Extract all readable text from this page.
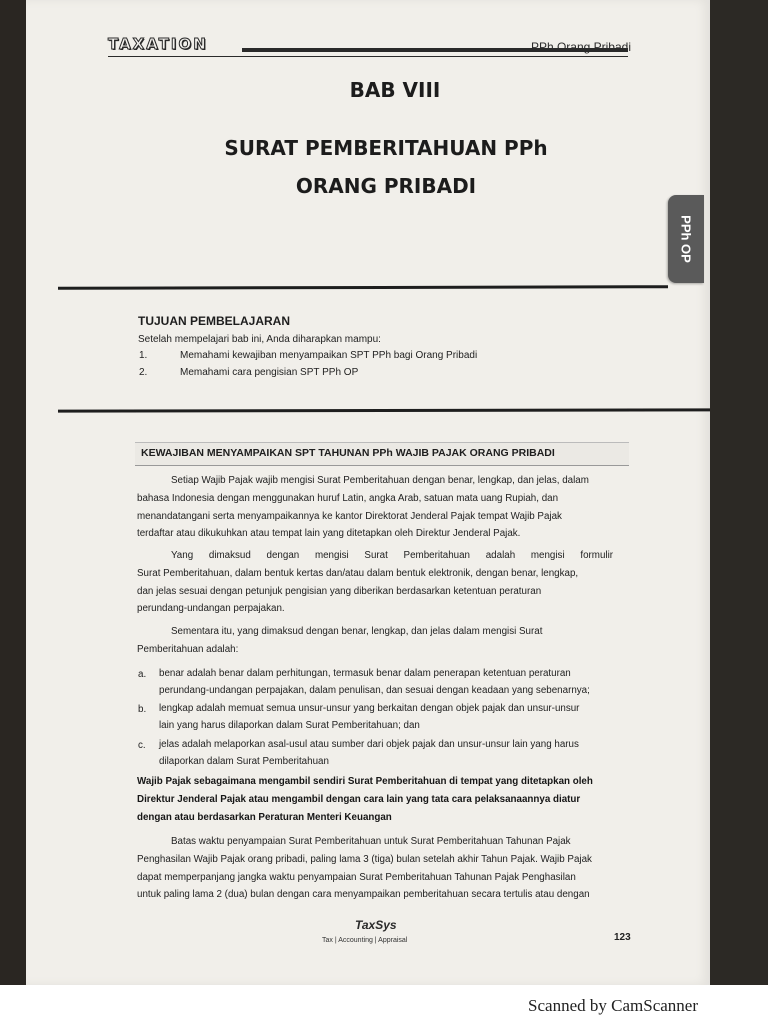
TAXATION	PPh Orang Pribadi
BAB VIII
SURAT PEMBERITAHUAN PPh
ORANG PRIBADI
PPh OP
TUJUAN PEMBELAJARAN
Setelah mempelajari bab ini, Anda diharapkan mampu:
1.	Memahami kewajiban menyampaikan SPT PPh bagi Orang Pribadi
2.	Memahami cara pengisian SPT PPh OP
KEWAJIBAN MENYAMPAIKAN SPT TAHUNAN PPh WAJIB PAJAK ORANG PRIBADI
Setiap Wajib Pajak wajib mengisi Surat Pemberitahuan dengan benar, lengkap, dan jelas, dalam
bahasa Indonesia dengan menggunakan huruf Latin, angka Arab, satuan mata uang Rupiah, dan
menandatangani serta menyampaikannya ke kantor Direktorat Jenderal Pajak tempat Wajib Pajak
terdaftar atau dikukuhkan atau tempat lain yang ditetapkan oleh Direktur Jenderal Pajak.
Yang dimaksud dengan mengisi Surat Pemberitahuan adalah mengisi formulir
Surat Pemberitahuan, dalam bentuk kertas dan/atau dalam bentuk elektronik, dengan benar, lengkap,
dan jelas sesuai dengan petunjuk pengisian yang diberikan berdasarkan ketentuan peraturan
perundang-undangan perpajakan.
Sementara itu, yang dimaksud dengan benar, lengkap, dan jelas dalam mengisi Surat
Pemberitahuan adalah:
a. benar adalah benar dalam perhitungan, termasuk benar dalam penerapan ketentuan peraturan
perundang-undangan perpajakan, dalam penulisan, dan sesuai dengan keadaan yang sebenarnya;
b. lengkap adalah memuat semua unsur-unsur yang berkaitan dengan objek pajak dan unsur-unsur
lain yang harus dilaporkan dalam Surat Pemberitahuan; dan
c. jelas adalah melaporkan asal-usul atau sumber dari objek pajak dan unsur-unsur lain yang harus
dilaporkan dalam Surat Pemberitahuan
Wajib Pajak sebagaimana mengambil sendiri Surat Pemberitahuan di tempat yang ditetapkan oleh
Direktur Jenderal Pajak atau mengambil dengan cara lain yang tata cara pelaksanaannya diatur
dengan atau berdasarkan Peraturan Menteri Keuangan
Batas waktu penyampaian Surat Pemberitahuan untuk Surat Pemberitahuan Tahunan Pajak
Penghasilan Wajib Pajak orang pribadi, paling lama 3 (tiga) bulan setelah akhir Tahun Pajak. Wajib Pajak
dapat memperpanjang jangka waktu penyampaian Surat Pemberitahuan Tahunan Pajak Penghasilan
untuk paling lama 2 (dua) bulan dengan cara menyampaikan pemberitahuan secara tertulis atau dengan
TaxSys
Tax | Accounting | Appraisal	123
Scanned by CamScanner
